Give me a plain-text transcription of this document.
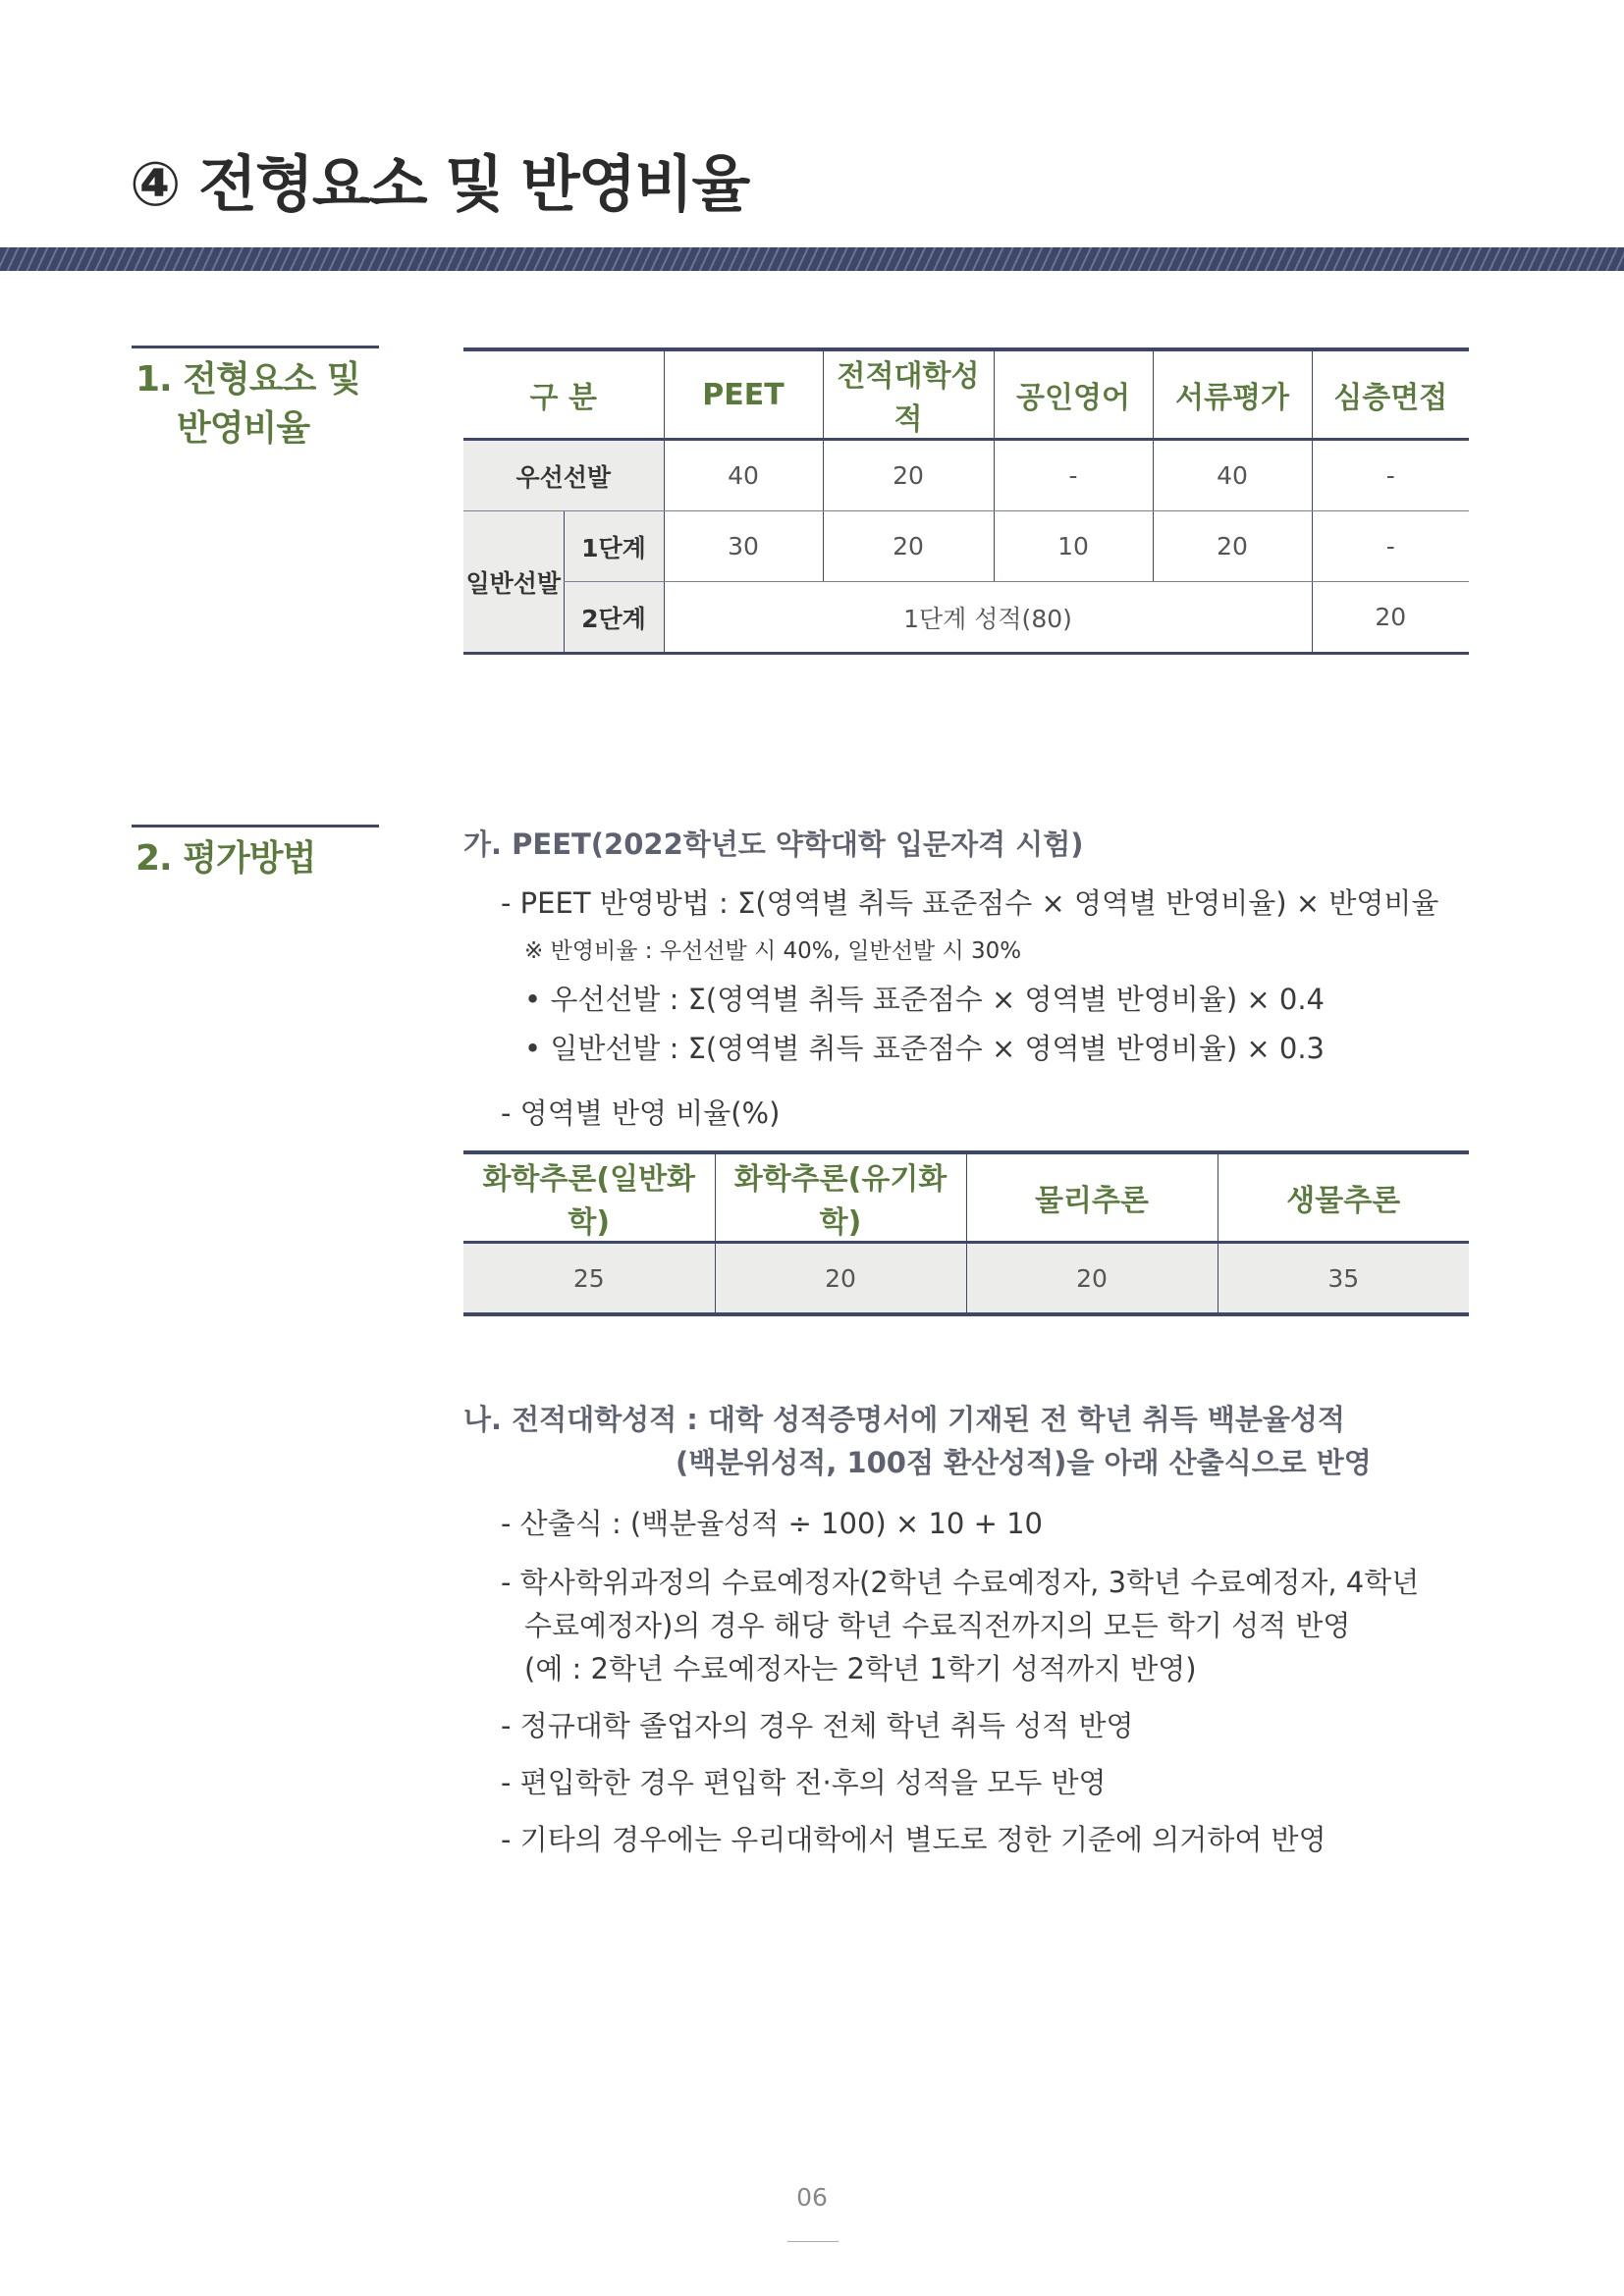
④ 전형요소 및 반영비율
1. 전형요소 및
반영비율
구 분		PEET	전적대학성적	공인영어	서류평가	심층면접
우선선발		40	20	-	40	-
일반선발	1단계	30	20	10	20	-
	2단계	1단계 성적(80)				20
2. 평가방법	가. PEET(2022학년도 약학대학 입문자격 시험)
- PEET 반영방법 : Σ(영역별 취득 표준점수 × 영역별 반영비율) × 반영비율
※ 반영비율 : 우선선발 시 40%, 일반선발 시 30%
• 우선선발 : Σ(영역별 취득 표준점수 × 영역별 반영비율) × 0.4
• 일반선발 : Σ(영역별 취득 표준점수 × 영역별 반영비율) × 0.3
- 영역별 반영 비율(%)
화학추론(일반화학)	화학추론(유기화학)	물리추론	생물추론
25	20	20	35
나. 전적대학성적 : 대학 성적증명서에 기재된 전 학년 취득 백분율성적
(백분위성적, 100점 환산성적)을 아래 산출식으로 반영
- 산출식 : (백분율성적 ÷ 100) × 10 + 10
- 학사학위과정의 수료예정자(2학년 수료예정자, 3학년 수료예정자, 4학년
수료예정자)의 경우 해당 학년 수료직전까지의 모든 학기 성적 반영
(예 : 2학년 수료예정자는 2학년 1학기 성적까지 반영)
- 정규대학 졸업자의 경우 전체 학년 취득 성적 반영
- 편입학한 경우 편입학 전·후의 성적을 모두 반영
- 기타의 경우에는 우리대학에서 별도로 정한 기준에 의거하여 반영
06
